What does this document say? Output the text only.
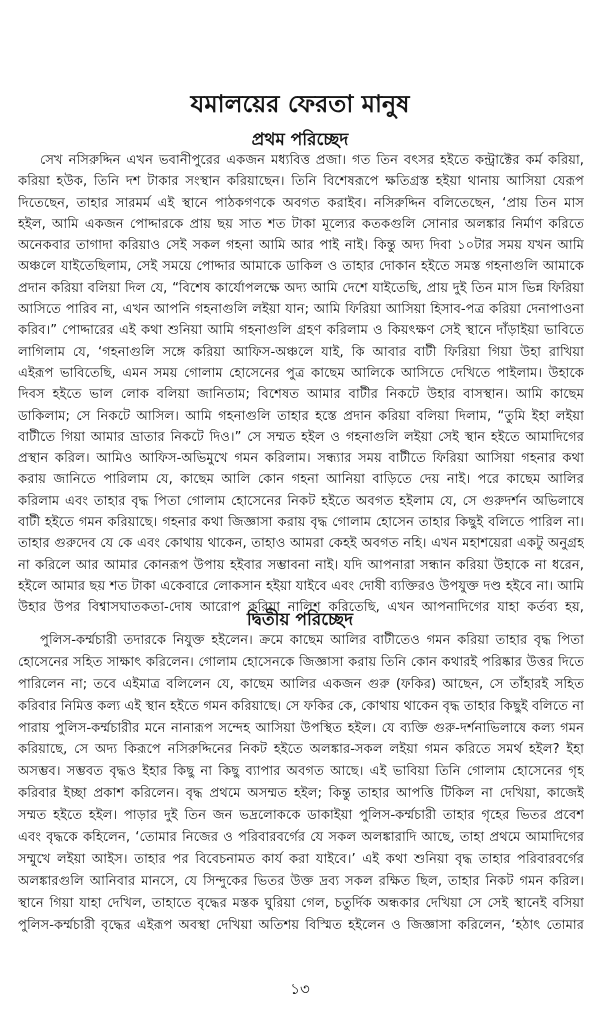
যমালয়ের ফেরতা মানুষ
প্রথম পরিচ্ছেদ
সেখ নসিরুদ্দিন এখন ভবানীপুরের একজন মধ্যবিত্ত প্রজা। গত তিন বৎসর হইতে কন্ট্রাক্টের কর্ম করিয়া,
করিয়া হউক, তিনি দশ টাকার সংস্থান করিয়াছেন। তিনি বিশেষরূপে ক্ষতিগ্রস্ত হইয়া থানায় আসিয়া যেরূপ
দিতেছেন, তাহার সারমর্ম এই স্থানে পাঠকগণকে অবগত করাইব। নসিরুদ্দিন বলিতেছেন, ‘প্রায় তিন মাস
হইল, আমি একজন পোদ্দারকে প্রায় ছয় সাত শত টাকা মূল্যের কতকগুলি সোনার অলঙ্কার নির্মাণ করিতে
অনেকবার তাগাদা করিয়াও সেই সকল গহনা আমি আর পাই নাই। কিন্তু অদ্য দিবা ১০টার সময় যখন আমি
অঞ্চলে যাইতেছিলাম, সেই সময়ে পোদ্দার আমাকে ডাকিল ও তাহার দোকান হইতে সমস্ত গহনাগুলি আমাকে
প্রদান করিয়া বলিয়া দিল যে, “বিশেষ কার্যোপলক্ষে অদ্য আমি দেশে যাইতেছি, প্রায় দুই তিন মাস ভিন্ন ফিরিয়া
আসিতে পারিব না, এখন আপনি গহনাগুলি লইয়া যান; আমি ফিরিয়া আসিয়া হিসাব-পত্র করিয়া দেনাপাওনা
করিব।” পোদ্দারের এই কথা শুনিয়া আমি গহনাগুলি গ্রহণ করিলাম ও কিয়ৎক্ষণ সেই স্থানে দাঁড়াইয়া ভাবিতে
লাগিলাম যে, ‘গহনাগুলি সঙ্গে করিয়া আফিস-অঞ্চলে যাই, কি আবার বাটী ফিরিয়া গিয়া উহা রাখিয়া
এইরূপ ভাবিতেছি, এমন সময় গোলাম হোসেনের পুত্র কাছেম আলিকে আসিতে দেখিতে পাইলাম। উহাকে
দিবস হইতে ভাল লোক বলিয়া জানিতাম; বিশেষত আমার বাটীর নিকটে উহার বাসস্থান। আমি কাছেম
ডাকিলাম; সে নিকটে আসিল। আমি গহনাগুলি তাহার হস্তে প্রদান করিয়া বলিয়া দিলাম, “তুমি ইহা লইয়া
বাটীতে গিয়া আমার ভ্রাতার নিকটে দিও।” সে সম্মত হইল ও গহনাগুলি লইয়া সেই স্থান হইতে আমাদিগের
প্রস্থান করিল। আমিও আফিস-অভিমুখে গমন করিলাম। সন্ধ্যার সময় বাটীতে ফিরিয়া আসিয়া গহনার কথা
করায় জানিতে পারিলাম যে, কাছেম আলি কোন গহনা আনিয়া বাড়িতে দেয় নাই। পরে কাছেম আলির
করিলাম এবং তাহার বৃদ্ধ পিতা গোলাম হোসেনের নিকট হইতে অবগত হইলাম যে, সে গুরুদর্শন অভিলাষে
বাটী হইতে গমন করিয়াছে। গহনার কথা জিজ্ঞাসা করায় বৃদ্ধ গোলাম হোসেন তাহার কিছুই বলিতে পারিল না।
তাহার গুরুদেব যে কে এবং কোথায় থাকেন, তাহাও আমরা কেহই অবগত নহি। এখন মহাশয়েরা একটু অনুগ্রহ
না করিলে আর আমার কোনরূপ উপায় হইবার সম্ভাবনা নাই। যদি আপনারা সন্ধান করিয়া উহাকে না ধরেন,
হইলে আমার ছয় শত টাকা একেবারে লোকসান হইয়া যাইবে এবং দোষী ব্যক্তিরও উপযুক্ত দণ্ড হইবে না। আমি
উহার উপর বিশ্বাসঘাতকতা-দোষ আরোপ করিয়া নালিশ করিতেছি, এখন আপনাদিগের যাহা কর্তব্য হয়,
দ্বিতীয় পরিচ্ছেদ
পুলিস-কর্ম্মচারী তদারকে নিযুক্ত হইলেন। ক্রমে কাছেম আলির বাটীতেও গমন করিয়া তাহার বৃদ্ধ পিতা
হোসেনের সহিত সাক্ষাৎ করিলেন। গোলাম হোসেনকে জিজ্ঞাসা করায় তিনি কোন কথারই পরিষ্কার উত্তর দিতে
পারিলেন না; তবে এইমাত্র বলিলেন যে, কাছেম আলির একজন গুরু (ফকির) আছেন, সে তাঁহারই সহিত
করিবার নিমিত্ত কল্য এই স্থান হইতে গমন করিয়াছে। সে ফকির কে, কোথায় থাকেন বৃদ্ধ তাহার কিছুই বলিতে না
পারায় পুলিস-কর্ম্মচারীর মনে নানারূপ সন্দেহ আসিয়া উপস্থিত হইল। যে ব্যক্তি গুরু-দর্শনাভিলাষে কল্য গমন
করিয়াছে, সে অদ্য কিরূপে নসিরুদ্দিনের নিকট হইতে অলঙ্কার-সকল লইয়া গমন করিতে সমর্থ হইল? ইহা
অসম্ভব। সম্ভবত বৃদ্ধও ইহার কিছু না কিছু ব্যাপার অবগত আছে। এই ভাবিয়া তিনি গোলাম হোসেনের গৃহ
করিবার ইচ্ছা প্রকাশ করিলেন। বৃদ্ধ প্রথমে অসম্মত হইল; কিন্তু তাহার আপত্তি টিকিল না দেখিয়া, কাজেই
সম্মত হইতে হইল। পাড়ার দুই তিন জন ভদ্রলোককে ডাকাইয়া পুলিস-কর্ম্মচারী তাহার গৃহের ভিতর প্রবেশ
এবং বৃদ্ধকে কহিলেন, ‘তোমার নিজের ও পরিবারবর্গের যে সকল অলঙ্কারাদি আছে, তাহা প্রথমে আমাদিগের
সম্মুখে লইয়া আইস। তাহার পর বিবেচনামত কার্য করা যাইবে।’ এই কথা শুনিয়া বৃদ্ধ তাহার পরিবারবর্গের
অলঙ্কারগুলি আনিবার মানসে, যে সিন্দুকের ভিতর উক্ত দ্রব্য সকল রক্ষিত ছিল, তাহার নিকট গমন করিল।
স্থানে গিয়া যাহা দেখিল, তাহাতে বৃদ্ধের মস্তক ঘুরিয়া গেল, চতুর্দিক অন্ধকার দেখিয়া সে সেই স্থানেই বসিয়া
পুলিস-কর্ম্মচারী বৃদ্ধের এইরূপ অবস্থা দেখিয়া অতিশয় বিস্মিত হইলেন ও জিজ্ঞাসা করিলেন, ‘হঠাৎ তোমার
১৩
